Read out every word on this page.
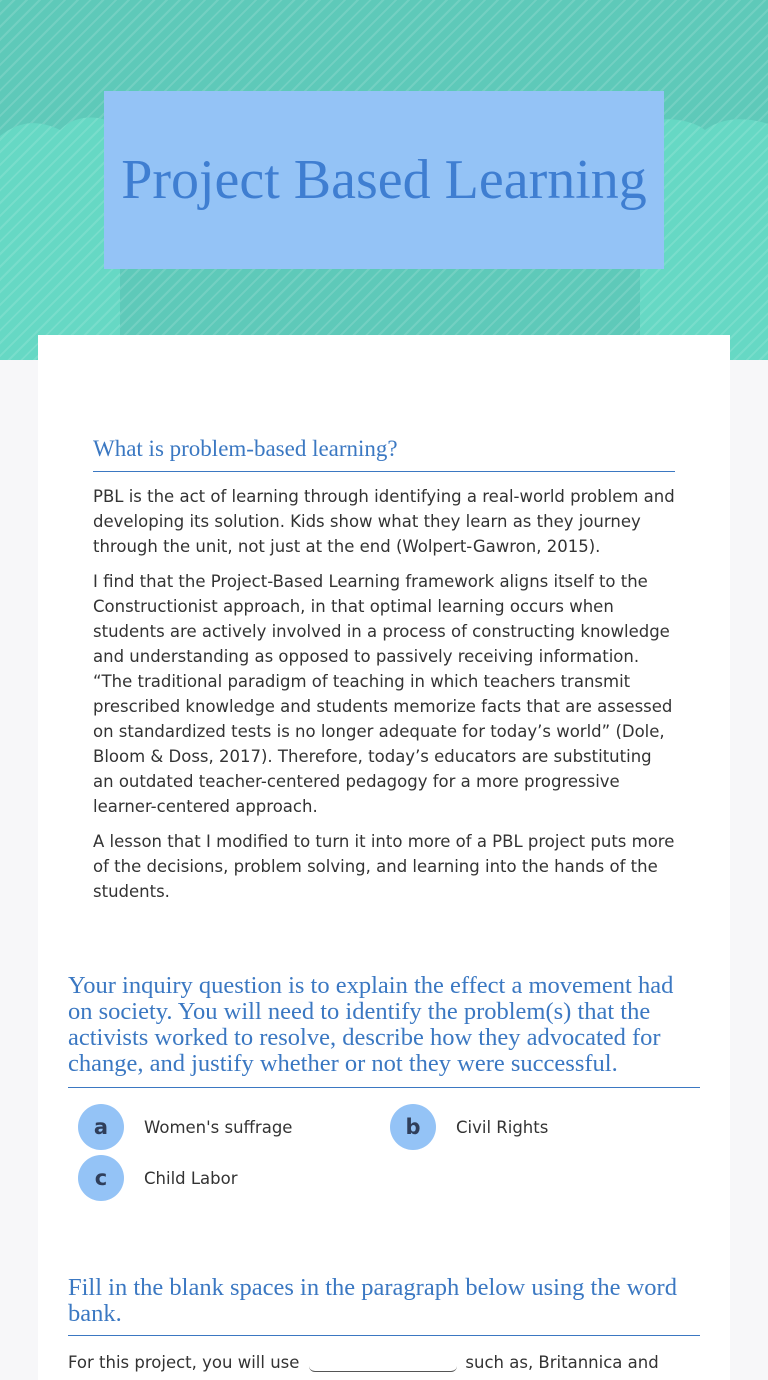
Project Based Learning
What is problem-based learning?

PBL is the act of learning through identifying a real-world problem and developing its solution. Kids show what they learn as they journey through the unit, not just at the end (Wolpert-Gawron, 2015).

I find that the Project-Based Learning framework aligns itself to the Constructionist approach, in that optimal learning occurs when students are actively involved in a process of constructing knowledge and understanding as opposed to passively receiving information. “The traditional paradigm of teaching in which teachers transmit prescribed knowledge and students memorize facts that are assessed on standardized tests is no longer adequate for today’s world” (Dole, Bloom & Doss, 2017). Therefore, today’s educators are substituting an outdated teacher-centered pedagogy for a more progressive learner-centered approach.

A lesson that I modified to turn it into more of a PBL project puts more of the decisions, problem solving, and learning into the hands of the students.

Your inquiry question is to explain the effect a movement had on society. You will need to identify the problem(s) that the activists worked to resolve, describe how they advocated for change, and justify whether or not they were successful.
a	Women's suffrage	b	Civil Rights
c	Child Labor
Fill in the blank spaces in the paragraph below using the word bank.
For this project, you will use	such as, Britannica and
